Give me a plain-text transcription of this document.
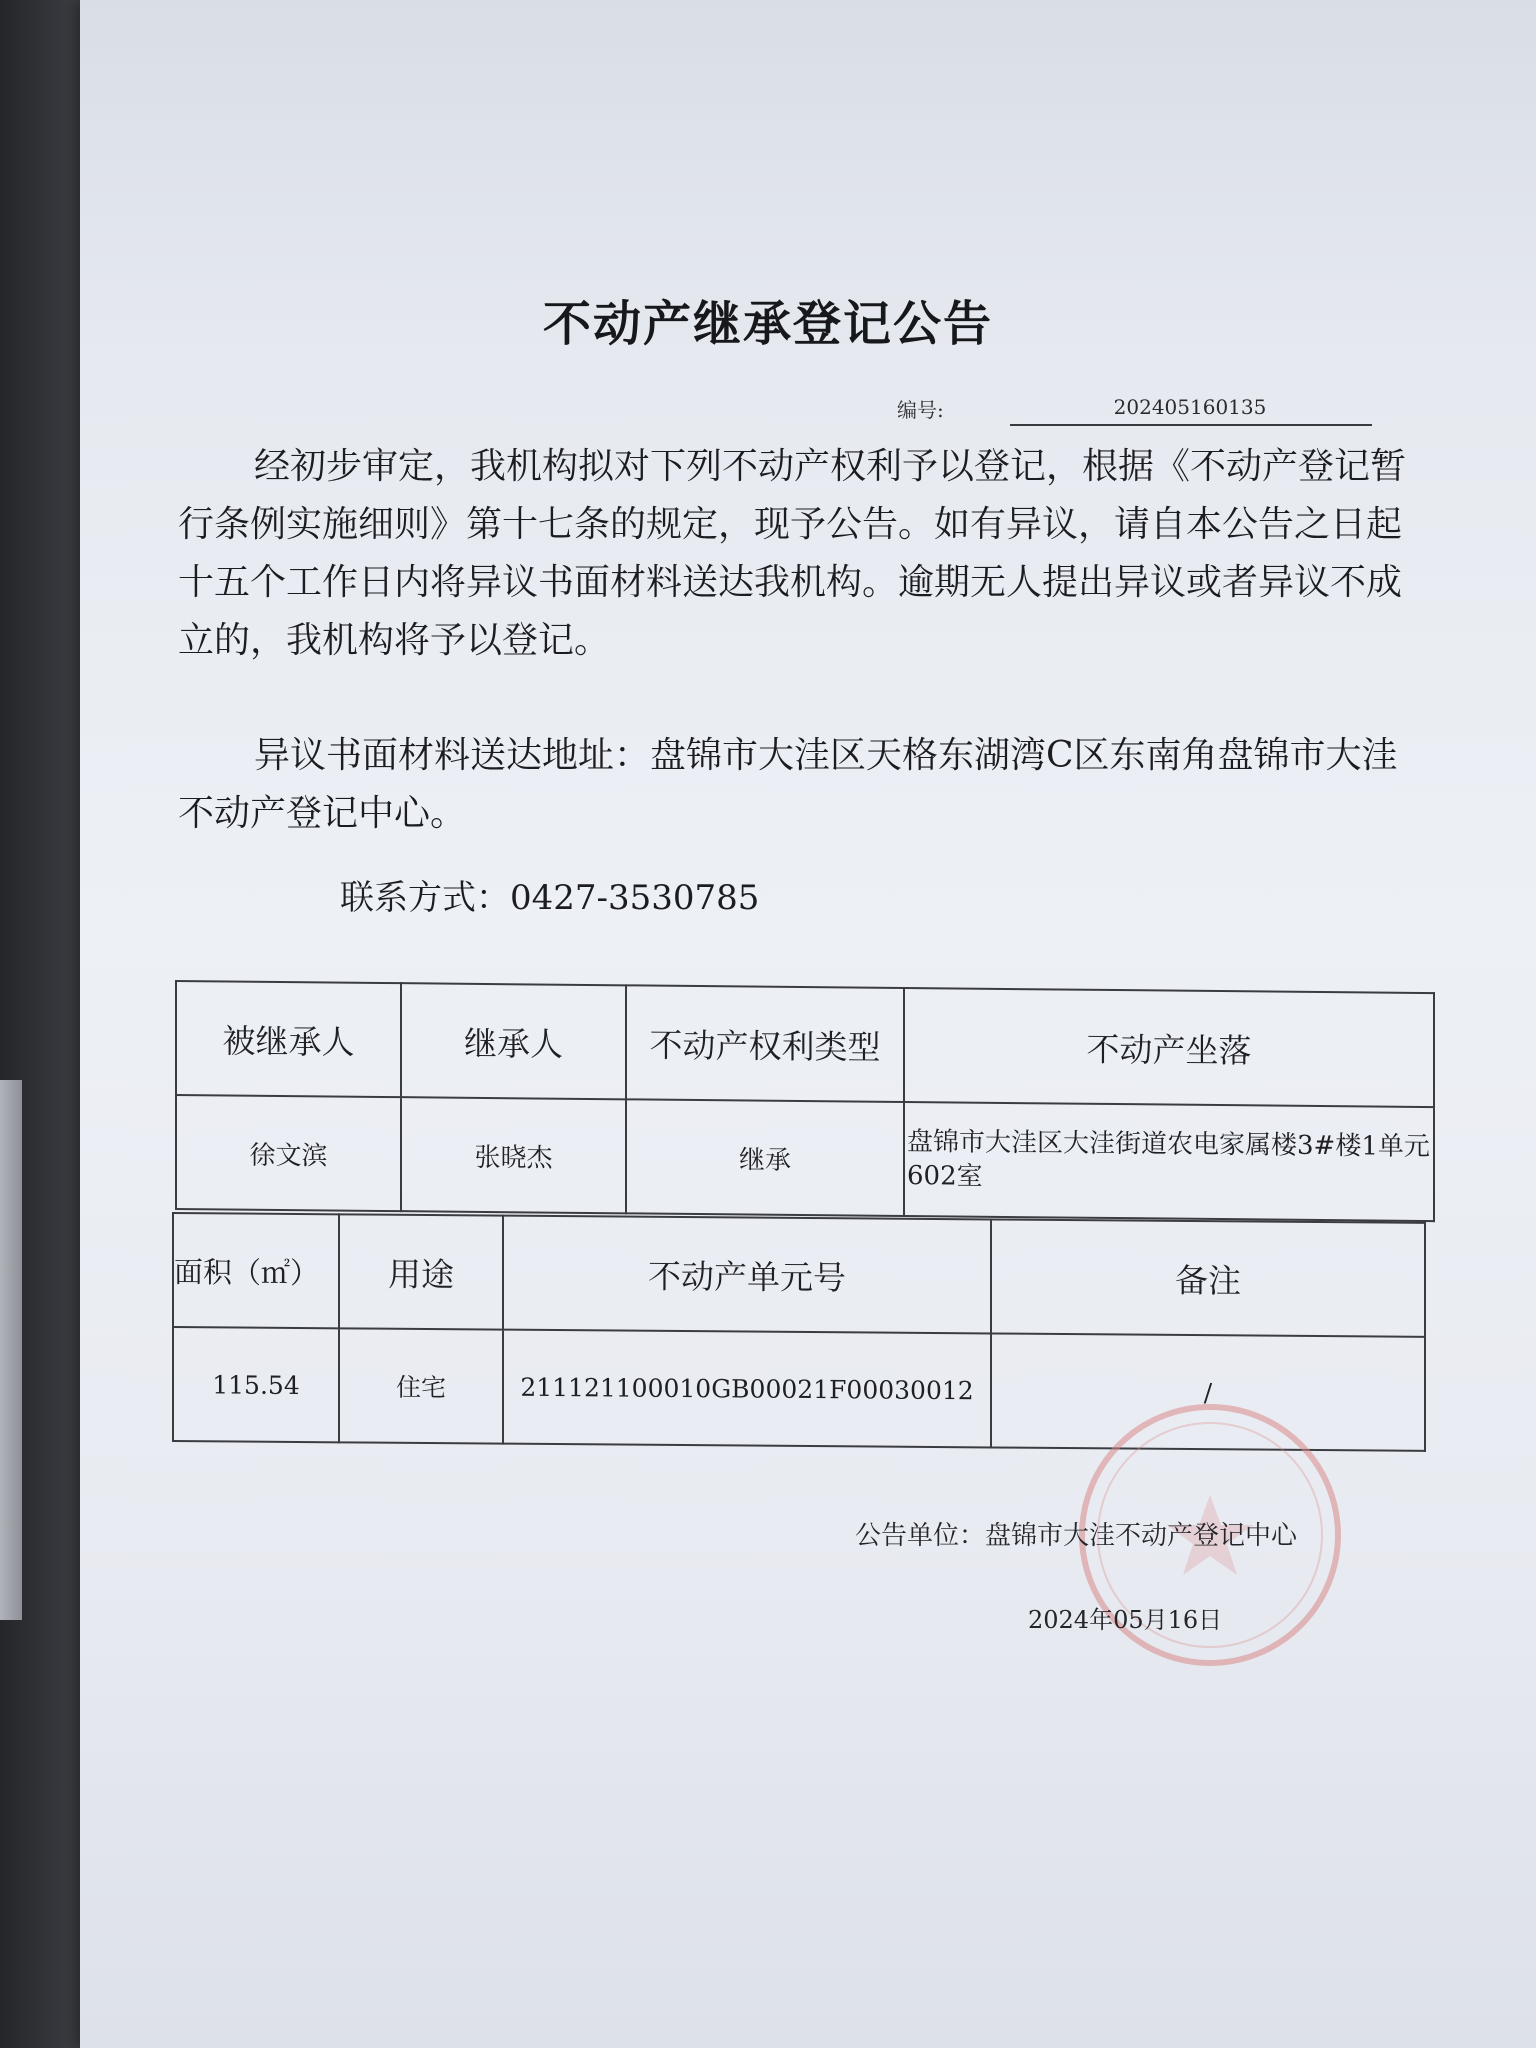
不动产继承登记公告
编号:	202405160135
经初步审定，我机构拟对下列不动产权利予以登记，根据《不动产登记暂行条例实施细则》第十七条的规定，现予公告。如有异议，请自本公告之日起十五个工作日内将异议书面材料送达我机构。逾期无人提出异议或者异议不成立的，我机构将予以登记。
异议书面材料送达地址：盘锦市大洼区天格东湖湾C区东南角盘锦市大洼不动产登记中心。
联系方式：0427-3530785
被继承人	继承人	不动产权利类型	不动产坐落
徐文滨	张晓杰	继承	盘锦市大洼区大洼街道农电家属楼3#楼1单元602室
面积（㎡）	用途	不动产单元号	备注
115.54	住宅	211121100010GB00021F00030012	/
公告单位：盘锦市大洼不动产登记中心
2024年05月16日
